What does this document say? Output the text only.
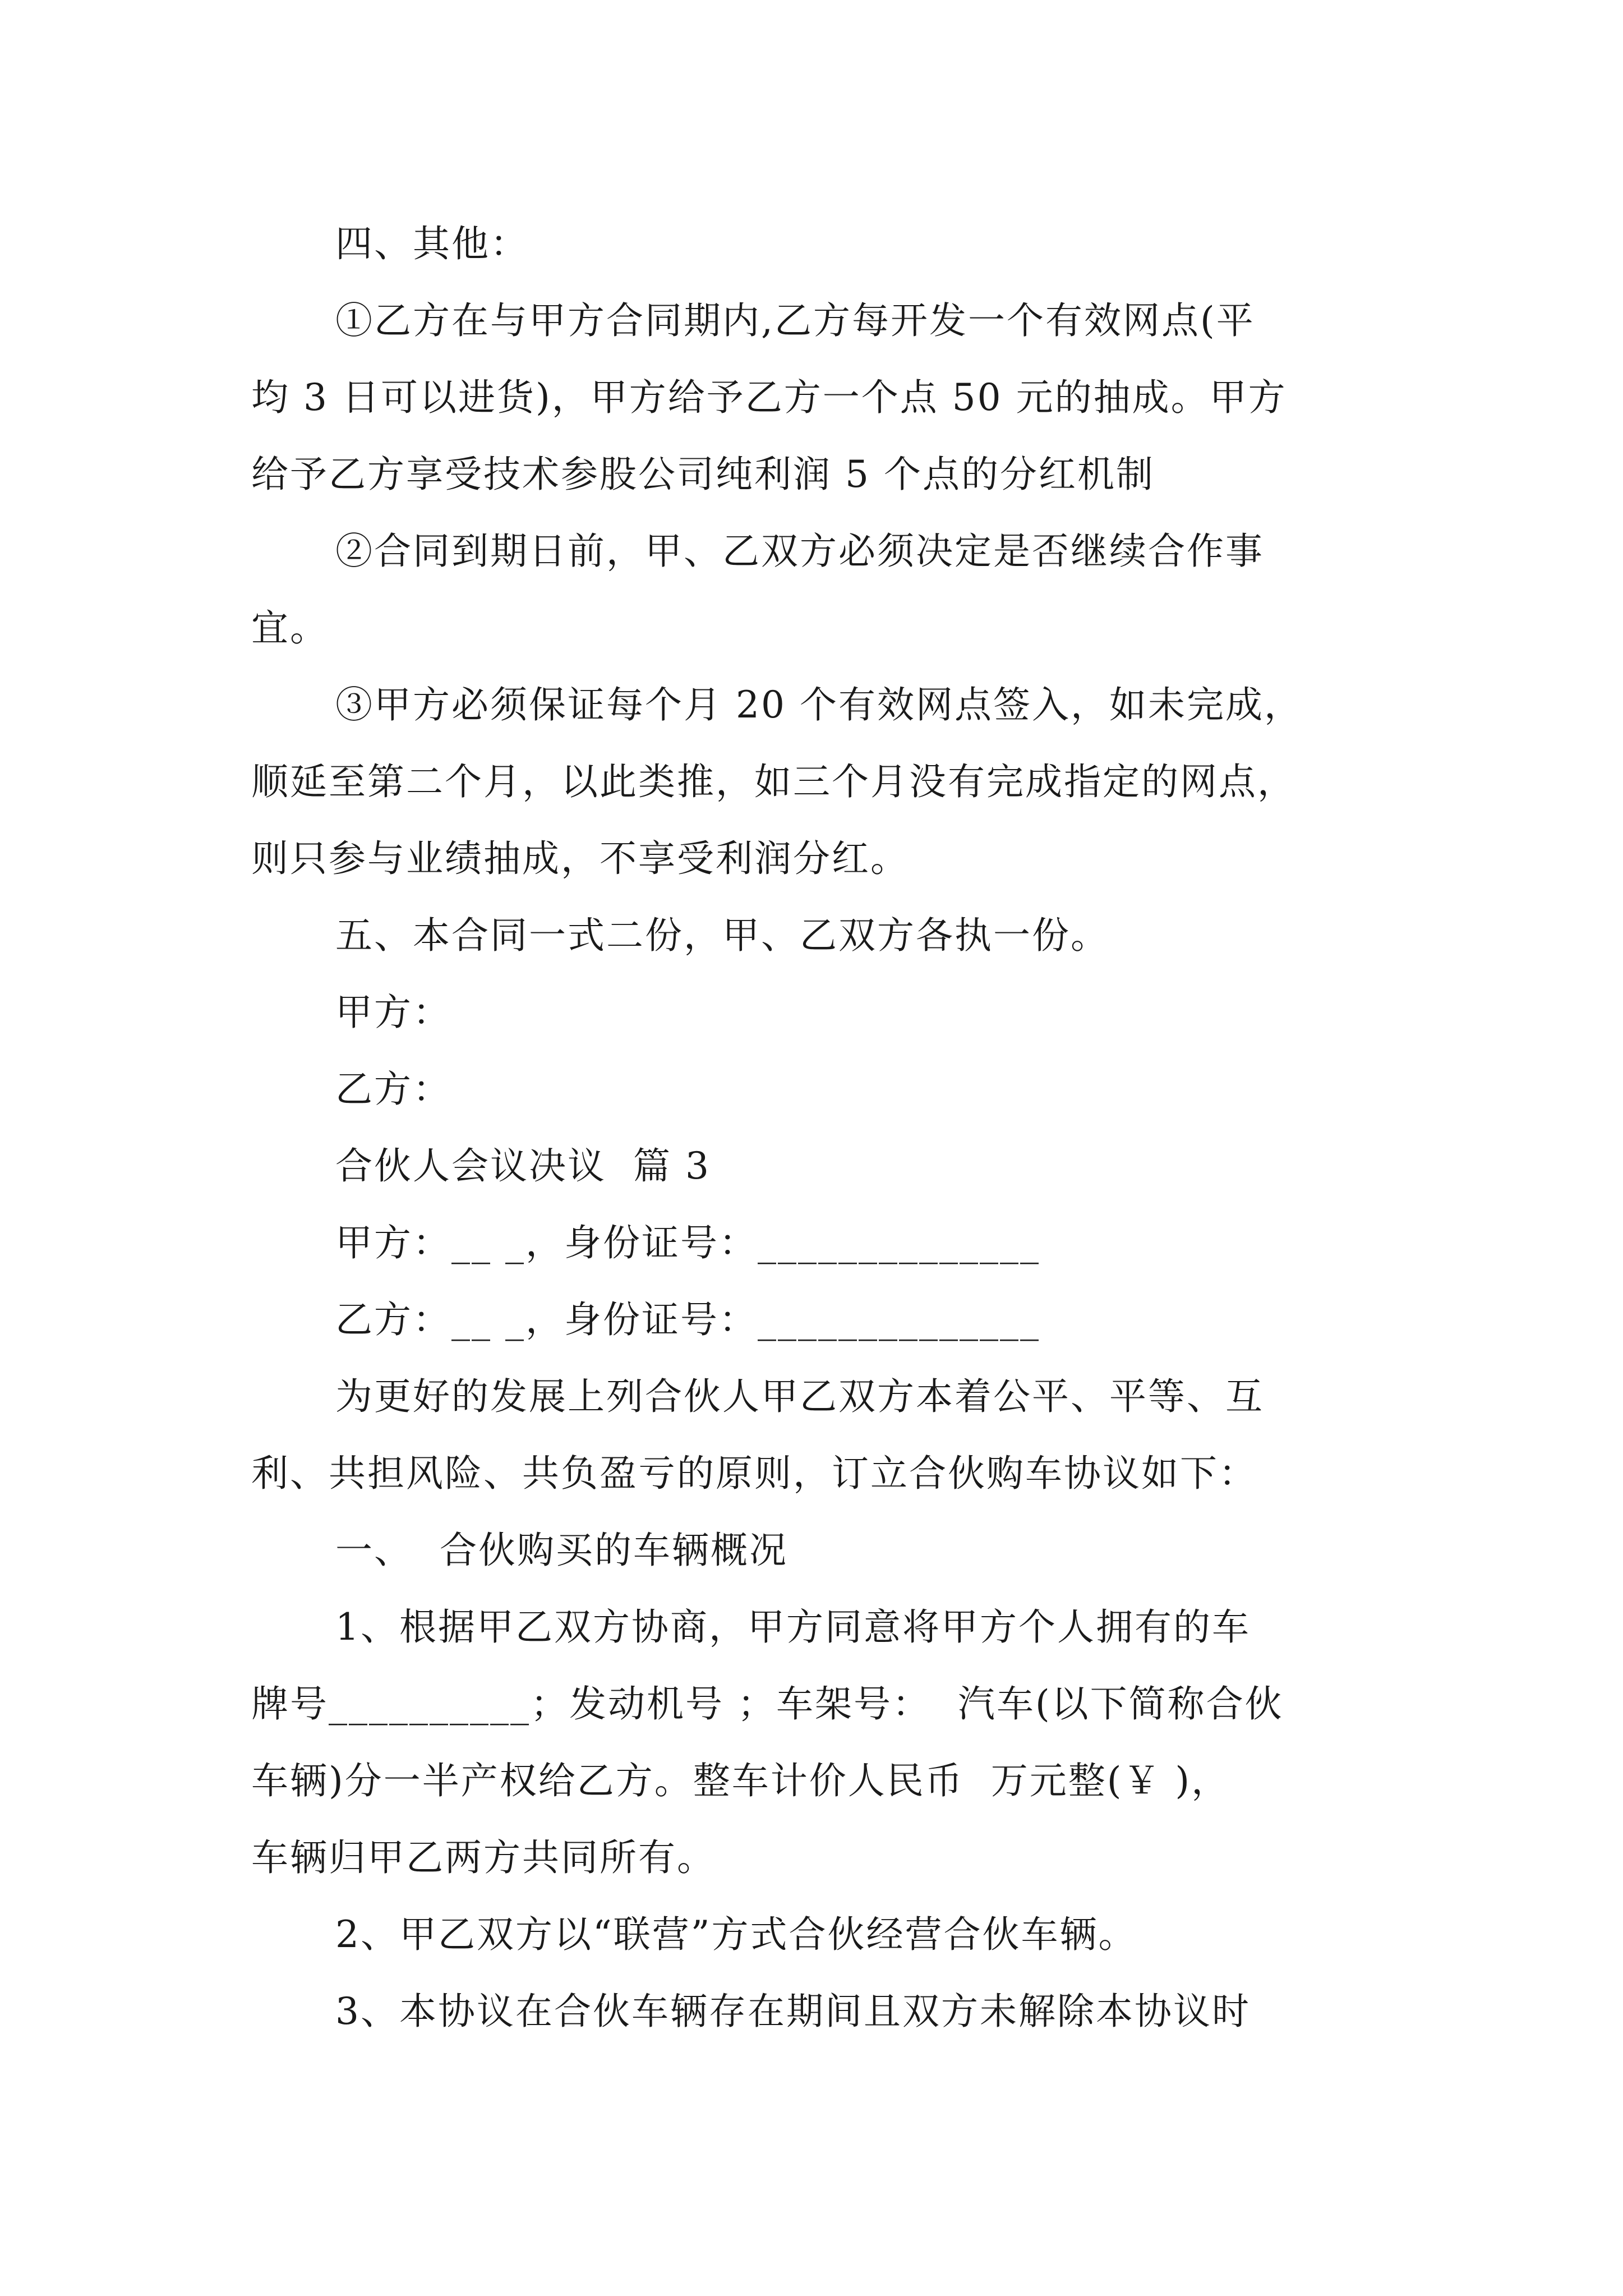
四、其他：
①乙方在与甲方合同期内,乙方每开发一个有效网点(平
均 3 日可以进货)，甲方给予乙方一个点 50 元的抽成。甲方
给予乙方享受技术参股公司纯利润 5 个点的分红机制
②合同到期日前，甲、乙双方必须决定是否继续合作事
宜。
③甲方必须保证每个月 20 个有效网点签入，如未完成，
顺延至第二个月，以此类推，如三个月没有完成指定的网点，
则只参与业绩抽成，不享受利润分红。
五、本合同一式二份，甲、乙双方各执一份。
甲方：
乙方：
合伙人会议决议  篇 3
甲方：__ _，身份证号：______________
乙方：__ _，身份证号：______________
为更好的发展上列合伙人甲乙双方本着公平、平等、互
利、共担风险、共负盈亏的原则，订立合伙购车协议如下：
一、  合伙购买的车辆概况
1、根据甲乙双方协商，甲方同意将甲方个人拥有的车
牌号__________；发动机号 ；车架号：  汽车(以下简称合伙
车辆)分一半产权给乙方。整车计价人民币  万元整(￥ )，
车辆归甲乙两方共同所有。
2、甲乙双方以“联营”方式合伙经营合伙车辆。
3、本协议在合伙车辆存在期间且双方未解除本协议时
